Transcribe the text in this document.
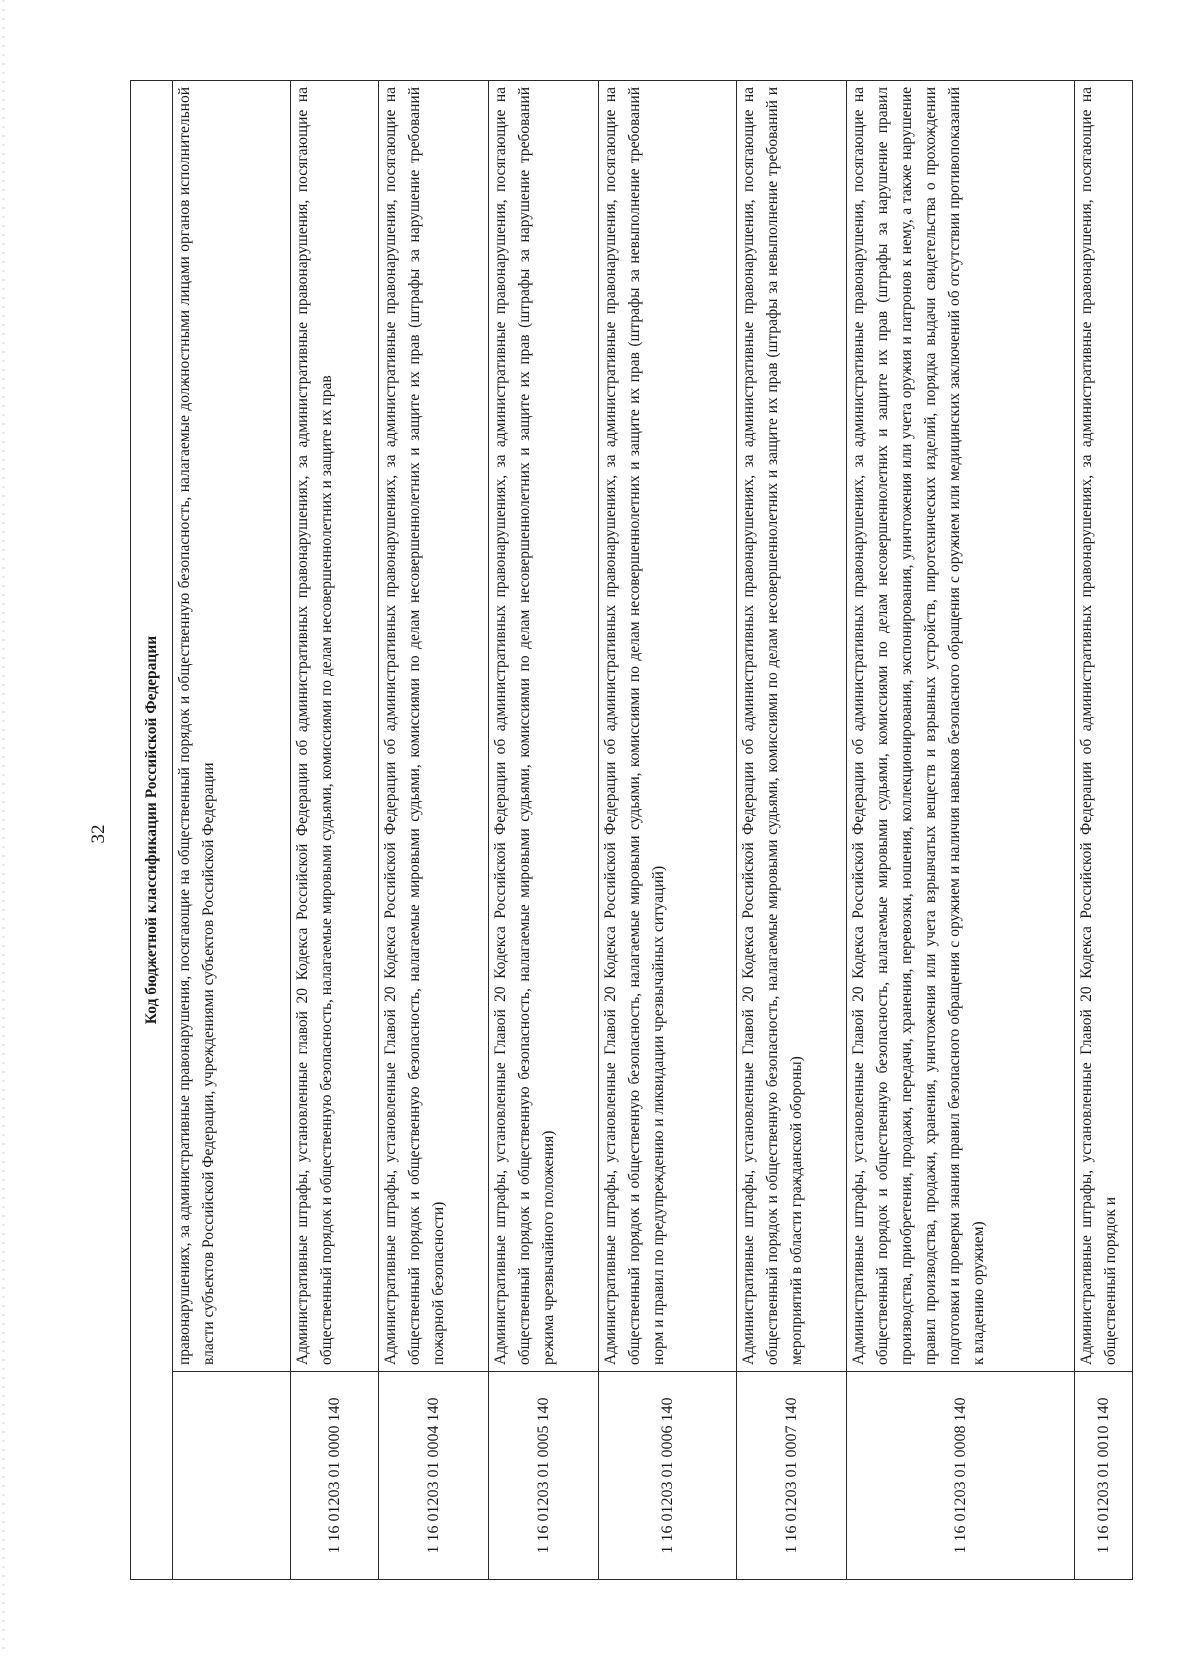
32	Код бюджетной классификации Российской Федерации	
	правонарушениях, за административные правонарушения, посягающие на общественный порядок и общественную безопасность, налагаемые должностными лицами органов исполнительной власти субъектов Российской Федерации, учреждениями субъектов Российской Федерации
1 16 01203 01 0000 140	Административные штрафы, установленные главой 20 Кодекса Российской Федерации об административных правонарушениях, за административные правонарушения, посягающие на общественный порядок и общественную безопасность, налагаемые мировыми судьями, комиссиями по делам несовершеннолетних и защите их прав
1 16 01203 01 0004 140	Административные штрафы, установленные Главой 20 Кодекса Российской Федерации об административных правонарушениях, за административные правонарушения, посягающие на общественный порядок и общественную безопасность, налагаемые мировыми судьями, комиссиями по делам несовершеннолетних и защите их прав (штрафы за нарушение требований пожарной безопасности)
1 16 01203 01 0005 140	Административные штрафы, установленные Главой 20 Кодекса Российской Федерации об административных правонарушениях, за административные правонарушения, посягающие на общественный порядок и общественную безопасность, налагаемые мировыми судьями, комиссиями по делам несовершеннолетних и защите их прав (штрафы за нарушение требований режима чрезвычайного положения)
1 16 01203 01 0006 140	Административные штрафы, установленные Главой 20 Кодекса Российской Федерации об административных правонарушениях, за административные правонарушения, посягающие на общественный порядок и общественную безопасность, налагаемые мировыми судьями, комиссиями по делам несовершеннолетних и защите их прав (штрафы за невыполнение требований норм и правил по предупреждению и ликвидации чрезвычайных ситуаций)
1 16 01203 01 0007 140	Административные штрафы, установленные Главой 20 Кодекса Российской Федерации об административных правонарушениях, за административные правонарушения, посягающие на общественный порядок и общественную безопасность, налагаемые мировыми судьями, комиссиями по делам несовершеннолетних и защите их прав (штрафы за невыполнение требований и мероприятий в области гражданской обороны)
1 16 01203 01 0008 140	Административные штрафы, установленные Главой 20 Кодекса Российской Федерации об административных правонарушениях, за административные правонарушения, посягающие на общественный порядок и общественную безопасность, налагаемые мировыми судьями, комиссиями по делам несовершеннолетних и защите их прав (штрафы за нарушение правил производства, приобретения, продажи, передачи, хранения, перевозки, ношения, коллекционирования, экспонирования, уничтожения или учета оружия и патронов к нему, а также нарушение правил производства, продажи, хранения, уничтожения или учета взрывчатых веществ и взрывных устройств, пиротехнических изделий, порядка выдачи свидетельства о прохождении подготовки и проверки знания правил безопасного обращения с оружием и наличия навыков безопасного обращения с оружием или медицинских заключений об отсутствии противопоказаний к владению оружием)
1 16 01203 01 0010 140	Административные штрафы, установленные Главой 20 Кодекса Российской Федерации об административных правонарушениях, за административные правонарушения, посягающие на общественный порядок и
